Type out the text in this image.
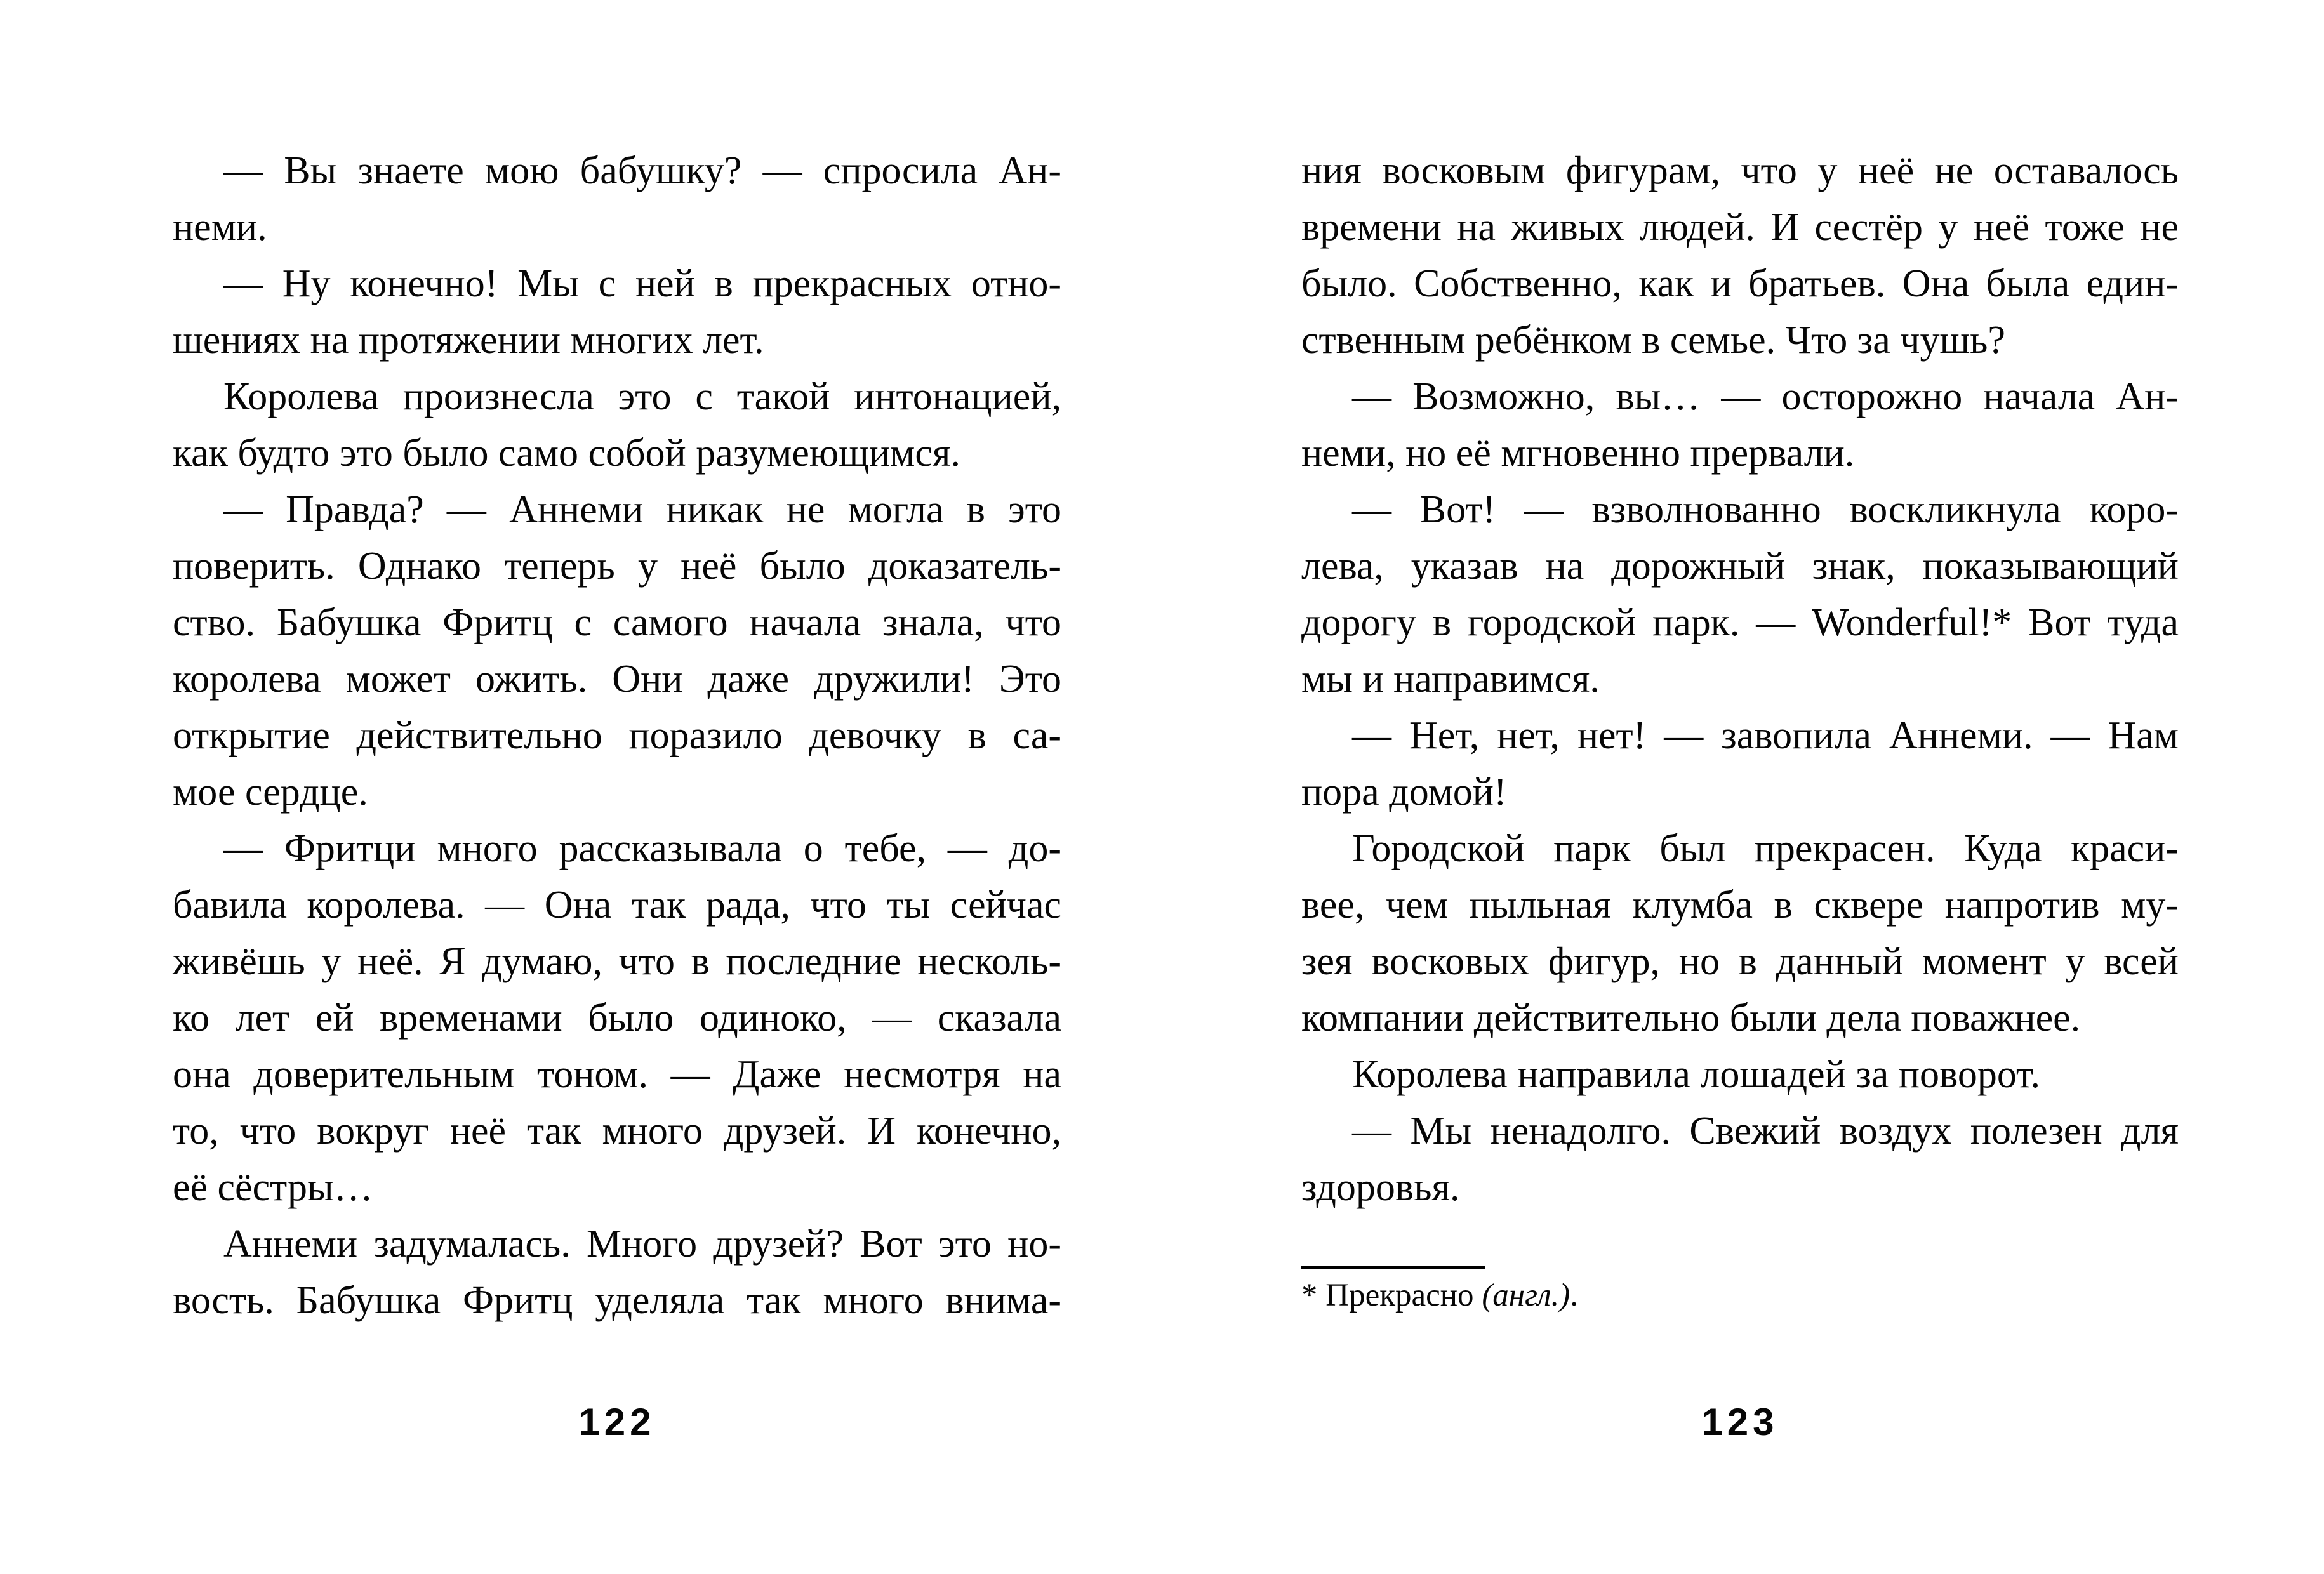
— Вы знаете мою бабушку? — спросила Ан-
неми.
— Ну конечно! Мы с ней в прекрасных отно-
шениях на протяжении многих лет.
Королева произнесла это с такой интонацией,
как будто это было само собой разумеющимся.
— Правда? — Аннеми никак не могла в это
поверить. Однако теперь у неё было доказатель-
ство. Бабушка Фритц с самого начала знала, что
королева может ожить. Они даже дружили! Это
открытие действительно поразило девочку в са-
мое сердце.
— Фритци много рассказывала о тебе, — до-
бавила королева. — Она так рада, что ты сейчас
живёшь у неё. Я думаю, что в последние несколь-
ко лет ей временами было одиноко, — сказала
она доверительным тоном. — Даже несмотря на
то, что вокруг неё так много друзей. И конечно,
её сёстры…
Аннеми задумалась. Много друзей? Вот это но-
вость. Бабушка Фритц уделяла так много внима-
122
ния восковым фигурам, что у неё не оставалось
времени на живых людей. И сестёр у неё тоже не
было. Собственно, как и братьев. Она была един-
ственным ребёнком в семье. Что за чушь?
— Возможно, вы… — осторожно начала Ан-
неми, но её мгновенно прервали.
— Вот! — взволнованно воскликнула коро-
лева, указав на дорожный знак, показывающий
дорогу в городской парк. — Wonderful!* Вот туда
мы и направимся.
— Нет, нет, нет! — завопила Аннеми. — Нам
пора домой!
Городской парк был прекрасен. Куда краси-
вее, чем пыльная клумба в сквере напротив му-
зея восковых фигур, но в данный момент у всей
компании действительно были дела поважнее.
Королева направила лошадей за поворот.
— Мы ненадолго. Свежий воздух полезен для
здоровья.
* Прекрасно (англ.).
123
